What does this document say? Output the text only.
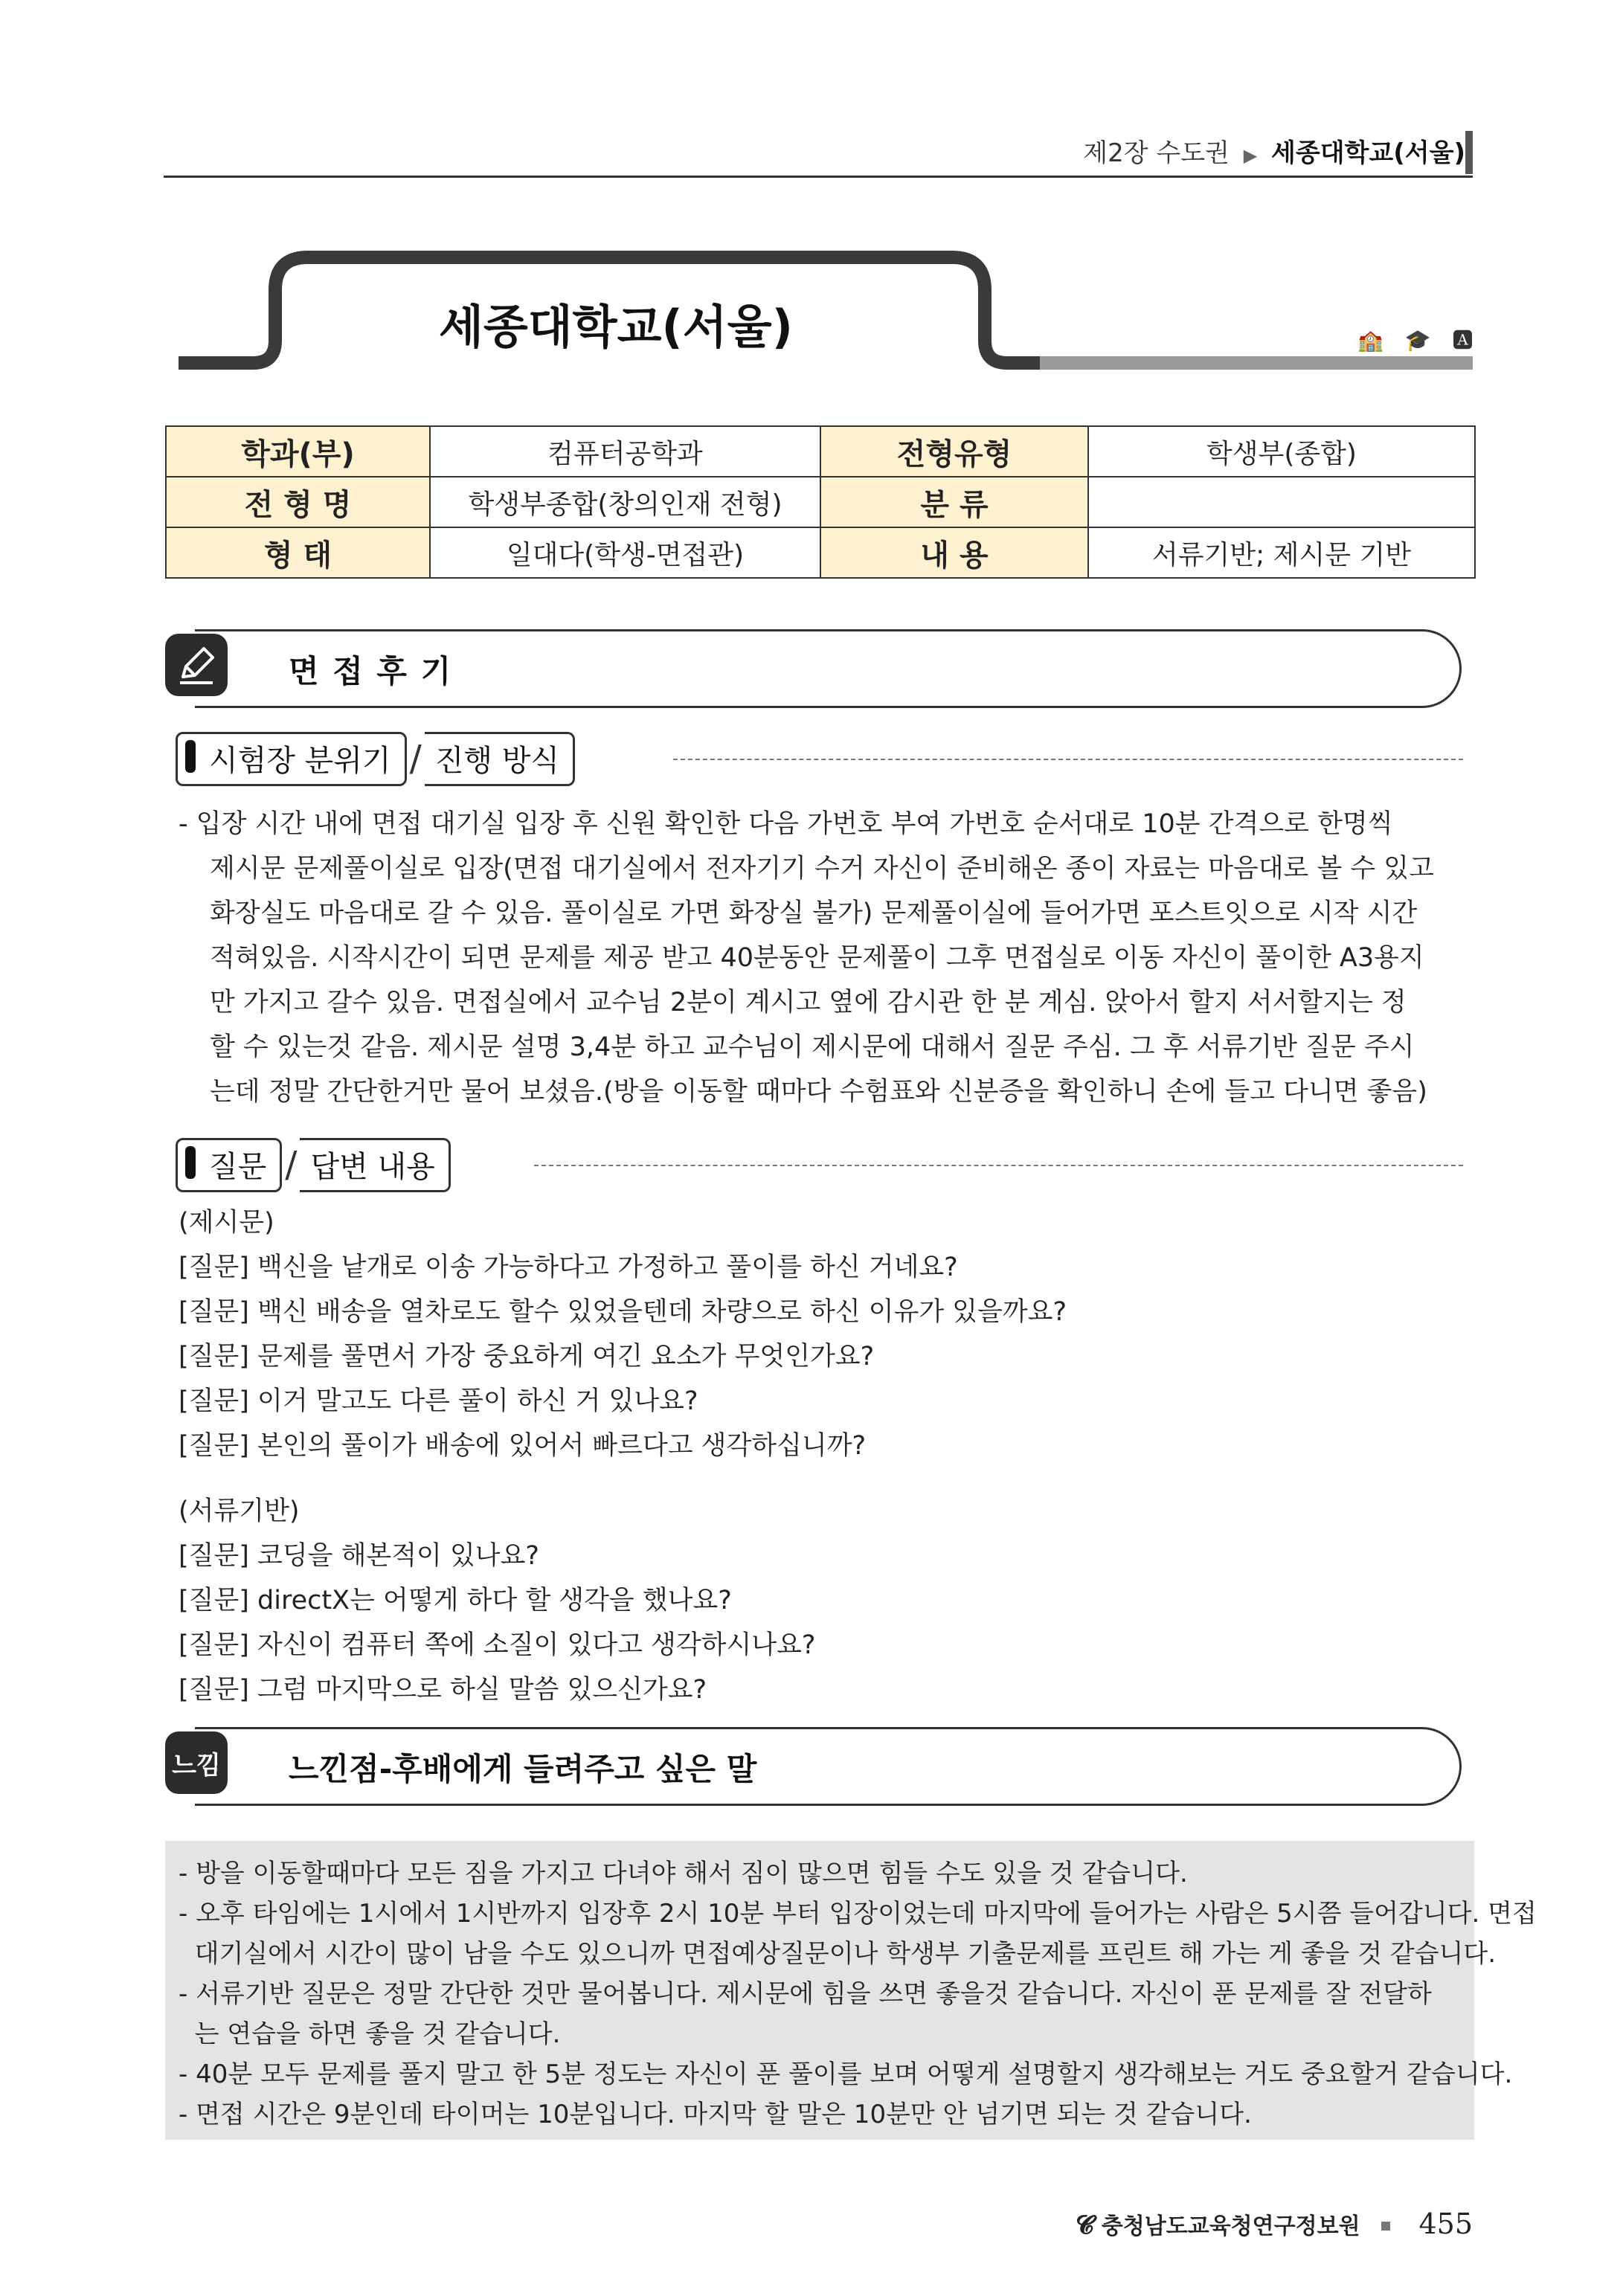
제2장 수도권 ▶ 세종대학교(서울)
세종대학교(서울)	🏫 🎓 🅰
학과(부)	컴퓨터공학과	전형유형	학생부(종합)
전 형 명	학생부종합(창의인재 전형)	분 류	
형 태	일대다(학생-면접관)	내 용	서류기반; 제시문 기반
면 접 후 기
시험장 분위기 / 진행 방식
- 입장 시간 내에 면접 대기실 입장 후 신원 확인한 다음 가번호 부여 가번호 순서대로 10분 간격으로 한명씩
제시문 문제풀이실로 입장(면접 대기실에서 전자기기 수거 자신이 준비해온 종이 자료는 마음대로 볼 수 있고
화장실도 마음대로 갈 수 있음. 풀이실로 가면 화장실 불가) 문제풀이실에 들어가면 포스트잇으로 시작 시간
적혀있음. 시작시간이 되면 문제를 제공 받고 40분동안 문제풀이 그후 면접실로 이동 자신이 풀이한 A3용지
만 가지고 갈수 있음. 면접실에서 교수님 2분이 계시고 옆에 감시관 한 분 계심. 앉아서 할지 서서할지는 정
할 수 있는것 같음. 제시문 설명 3,4분 하고 교수님이 제시문에 대해서 질문 주심. 그 후 서류기반 질문 주시
는데 정말 간단한거만 물어 보셨음.(방을 이동할 때마다 수험표와 신분증을 확인하니 손에 들고 다니면 좋음)
질문 / 답변 내용
(제시문)
[질문] 백신을 낱개로 이송 가능하다고 가정하고 풀이를 하신 거네요?
[질문] 백신 배송을 열차로도 할수 있었을텐데 차량으로 하신 이유가 있을까요?
[질문] 문제를 풀면서 가장 중요하게 여긴 요소가 무엇인가요?
[질문] 이거 말고도 다른 풀이 하신 거 있나요?
[질문] 본인의 풀이가 배송에 있어서 빠르다고 생각하십니까?
(서류기반)
[질문] 코딩을 해본적이 있나요?
[질문] directX는 어떻게 하다 할 생각을 했나요?
[질문] 자신이 컴퓨터 쪽에 소질이 있다고 생각하시나요?
[질문] 그럼 마지막으로 하실 말씀 있으신가요?
느낌 느낀점-후배에게 들려주고 싶은 말
- 방을 이동할때마다 모든 짐을 가지고 다녀야 해서 짐이 많으면 힘들 수도 있을 것 같습니다.
- 오후 타임에는 1시에서 1시반까지 입장후 2시 10분 부터 입장이었는데 마지막에 들어가는 사람은 5시쯤 들어갑니다. 면접
대기실에서 시간이 많이 남을 수도 있으니까 면접예상질문이나 학생부 기출문제를 프린트 해 가는 게 좋을 것 같습니다.
- 서류기반 질문은 정말 간단한 것만 물어봅니다. 제시문에 힘을 쓰면 좋을것 같습니다. 자신이 푼 문제를 잘 전달하
는 연습을 하면 좋을 것 같습니다.
- 40분 모두 문제를 풀지 말고 한 5분 정도는 자신이 푼 풀이를 보며 어떻게 설명할지 생각해보는 거도 중요할거 같습니다.
- 면접 시간은 9분인데 타이머는 10분입니다. 마지막 할 말은 10분만 안 넘기면 되는 것 같습니다.
𝓒 충청남도교육청연구정보원 455
